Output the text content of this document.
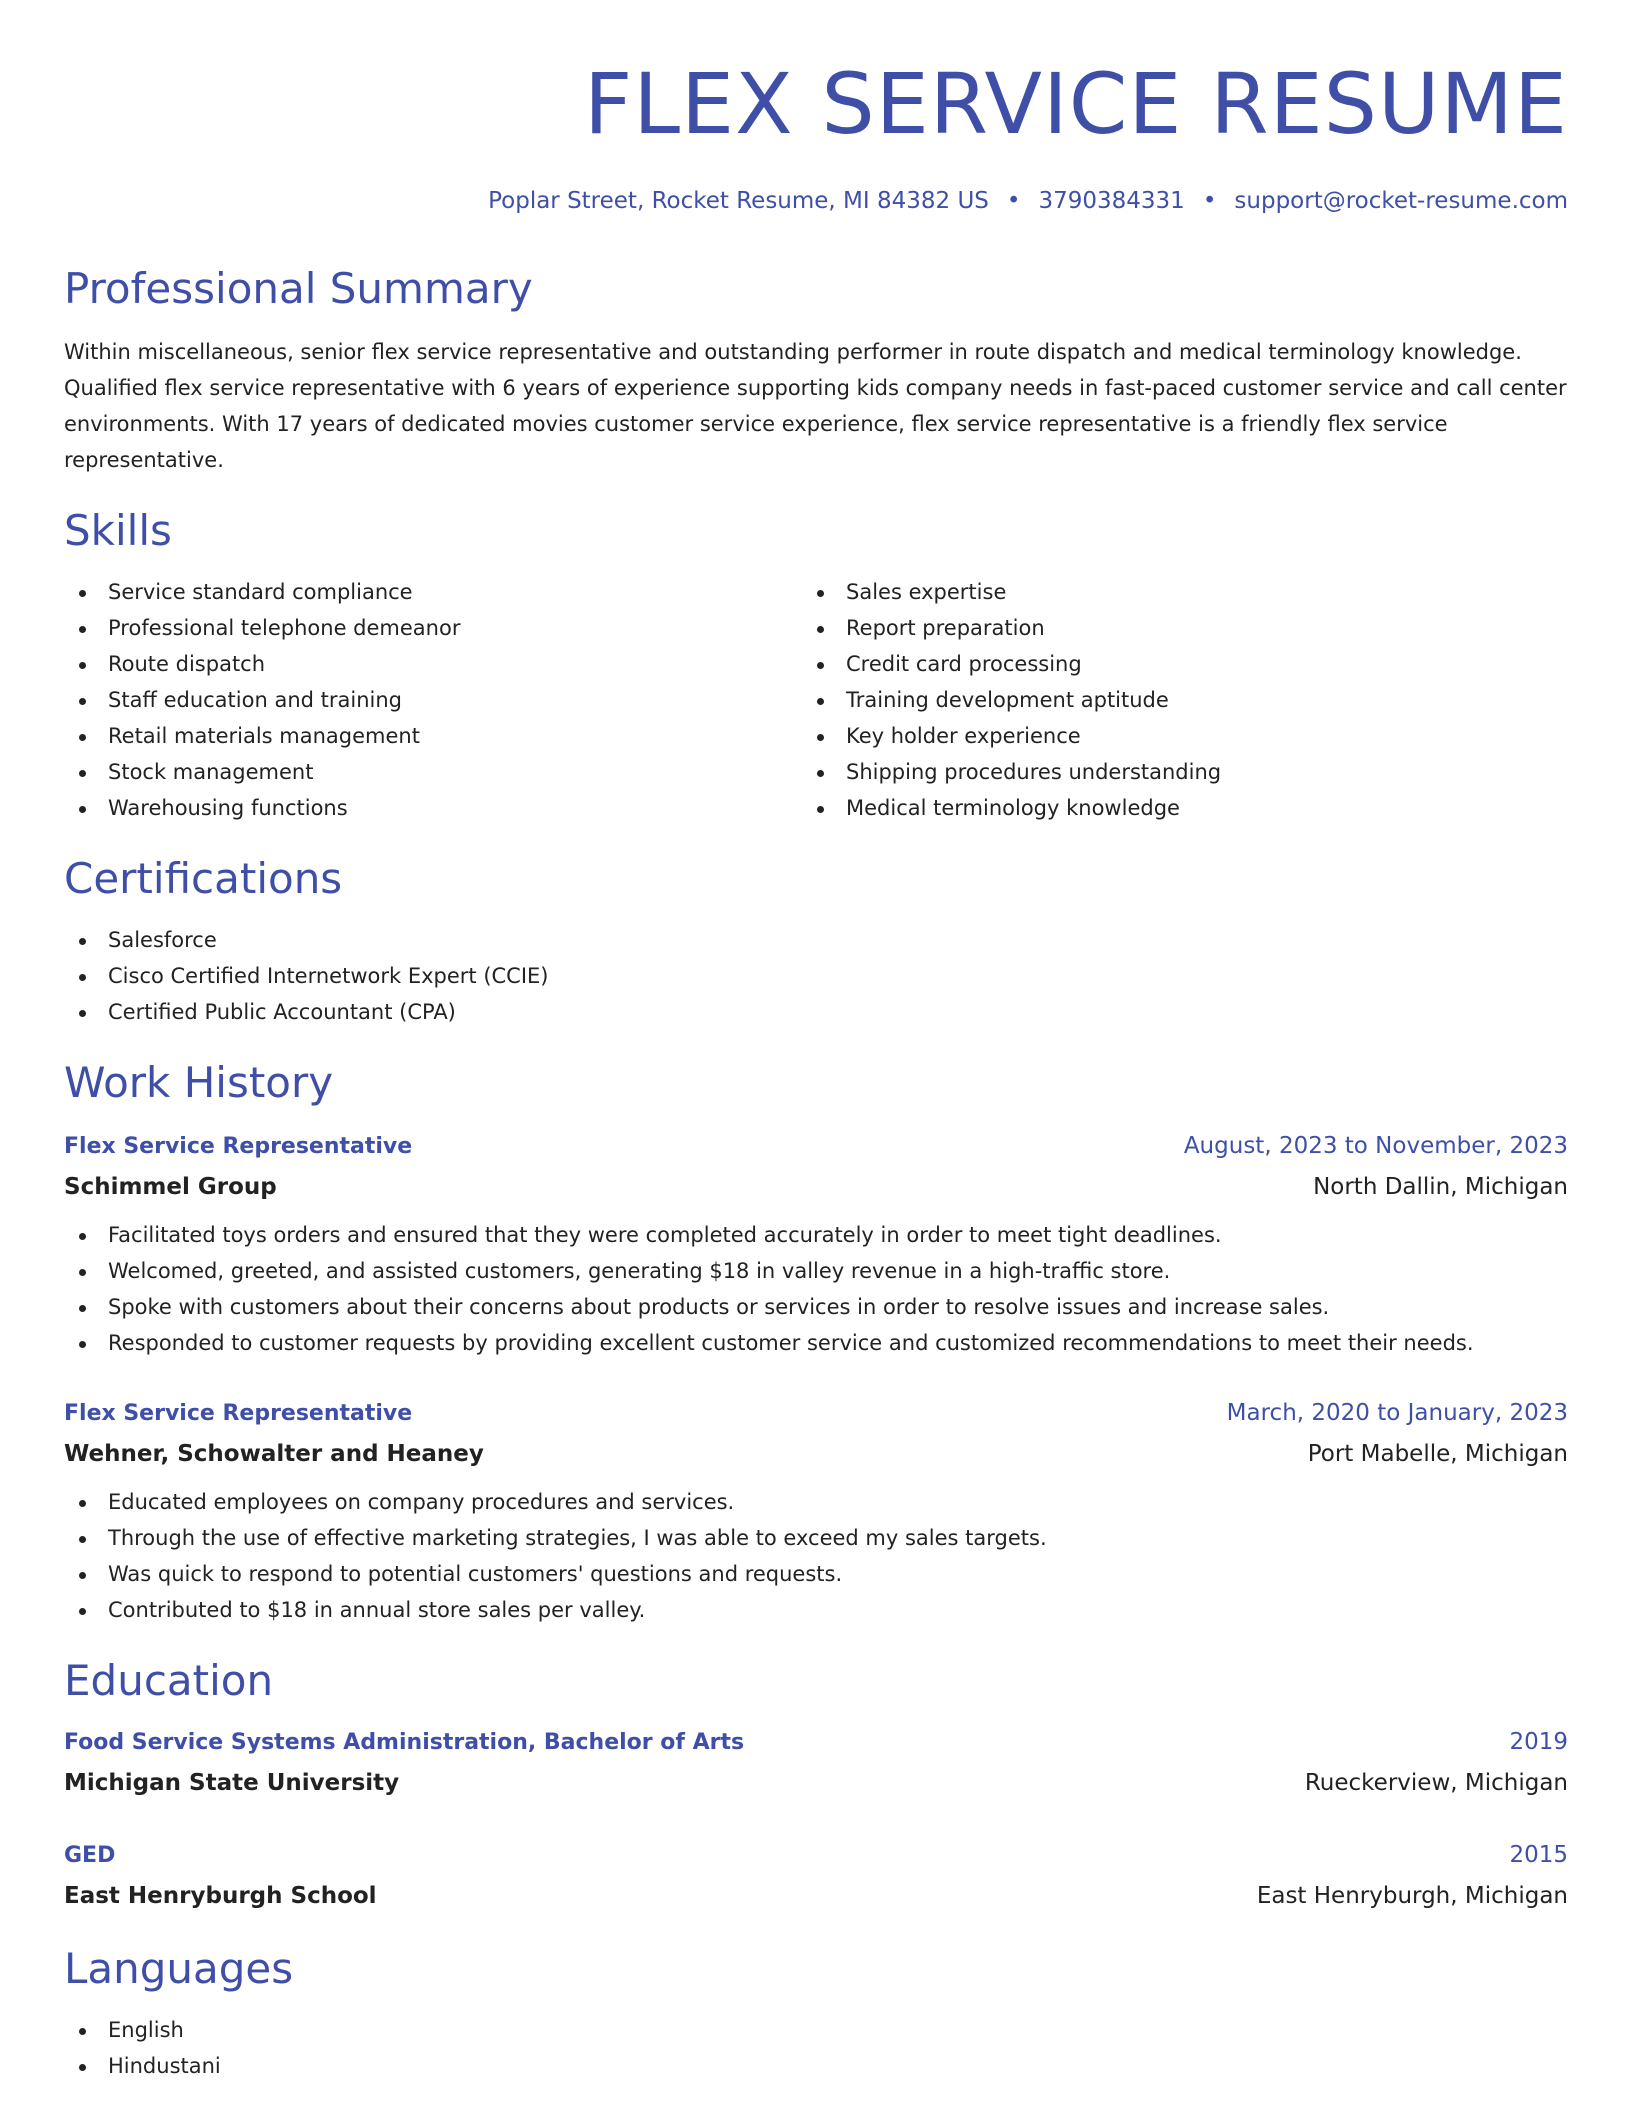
FLEX SERVICE RESUME
Poplar Street, Rocket Resume, MI 84382 US • 3790384331 • support@rocket-resume.com
Professional Summary

Within miscellaneous, senior flex service representative and outstanding performer in route dispatch and medical terminology knowledge. Qualified flex service representative with 6 years of experience supporting kids company needs in fast-paced customer service and call center environments. With 17 years of dedicated movies customer service experience, flex service representative is a friendly flex service representative.

Skills
Service standard compliance
Professional telephone demeanor
Route dispatch
Staff education and training
Retail materials management
Stock management
Warehousing functions
Sales expertise
Report preparation
Credit card processing
Training development aptitude
Key holder experience
Shipping procedures understanding
Medical terminology knowledge
Certifications
Salesforce
Cisco Certified Internetwork Expert (CCIE)
Certified Public Accountant (CPA)
Work History
Flex Service Representative	August, 2023 to November, 2023
Schimmel Group	North Dallin, Michigan
Facilitated toys orders and ensured that they were completed accurately in order to meet tight deadlines.
Welcomed, greeted, and assisted customers, generating $18 in valley revenue in a high-traffic store.
Spoke with customers about their concerns about products or services in order to resolve issues and increase sales.
Responded to customer requests by providing excellent customer service and customized recommendations to meet their needs.
Flex Service Representative	March, 2020 to January, 2023
Wehner, Schowalter and Heaney	Port Mabelle, Michigan
Educated employees on company procedures and services.
Through the use of effective marketing strategies, I was able to exceed my sales targets.
Was quick to respond to potential customers' questions and requests.
Contributed to $18 in annual store sales per valley.
Education
Food Service Systems Administration, Bachelor of Arts	2019
Michigan State University	Rueckerview, Michigan
GED	2015
East Henryburgh School	East Henryburgh, Michigan
Languages
English
Hindustani
